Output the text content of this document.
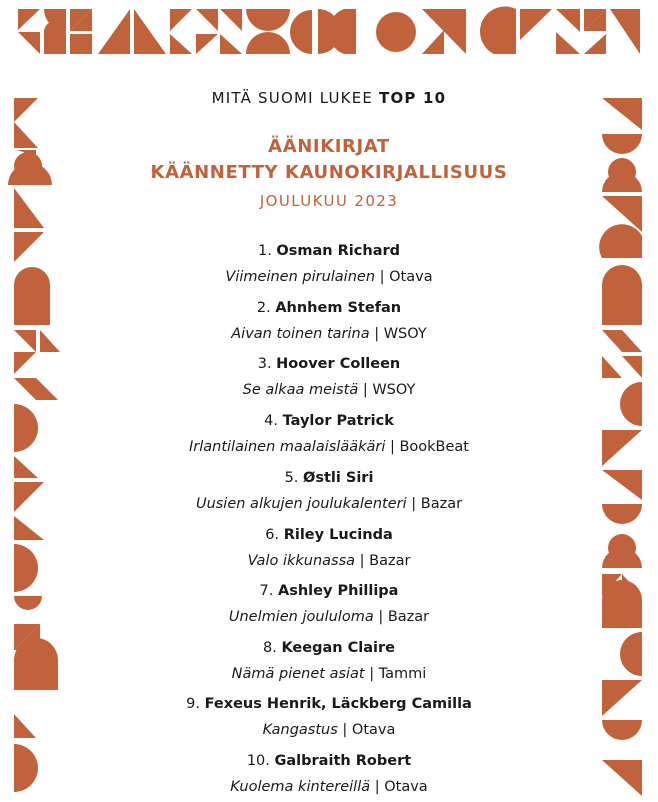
MITÄ SUOMI LUKEE TOP 10
ÄÄNIKIRJAT
KÄÄNNETTY KAUNOKIRJALLISUUS
JOULUKUU 2023
1. Osman Richard
Viimeinen pirulainen | Otava
2. Ahnhem Stefan
Aivan toinen tarina | WSOY
3. Hoover Colleen
Se alkaa meistä | WSOY
4. Taylor Patrick
Irlantilainen maalaislääkäri | BookBeat
5. Østli Siri
Uusien alkujen joulukalenteri | Bazar
6. Riley Lucinda
Valo ikkunassa | Bazar
7. Ashley Phillipa
Unelmien joululoma | Bazar
8. Keegan Claire
Nämä pienet asiat | Tammi
9. Fexeus Henrik, Läckberg Camilla
Kangastus | Otava
10. Galbraith Robert
Kuolema kintereillä | Otava
